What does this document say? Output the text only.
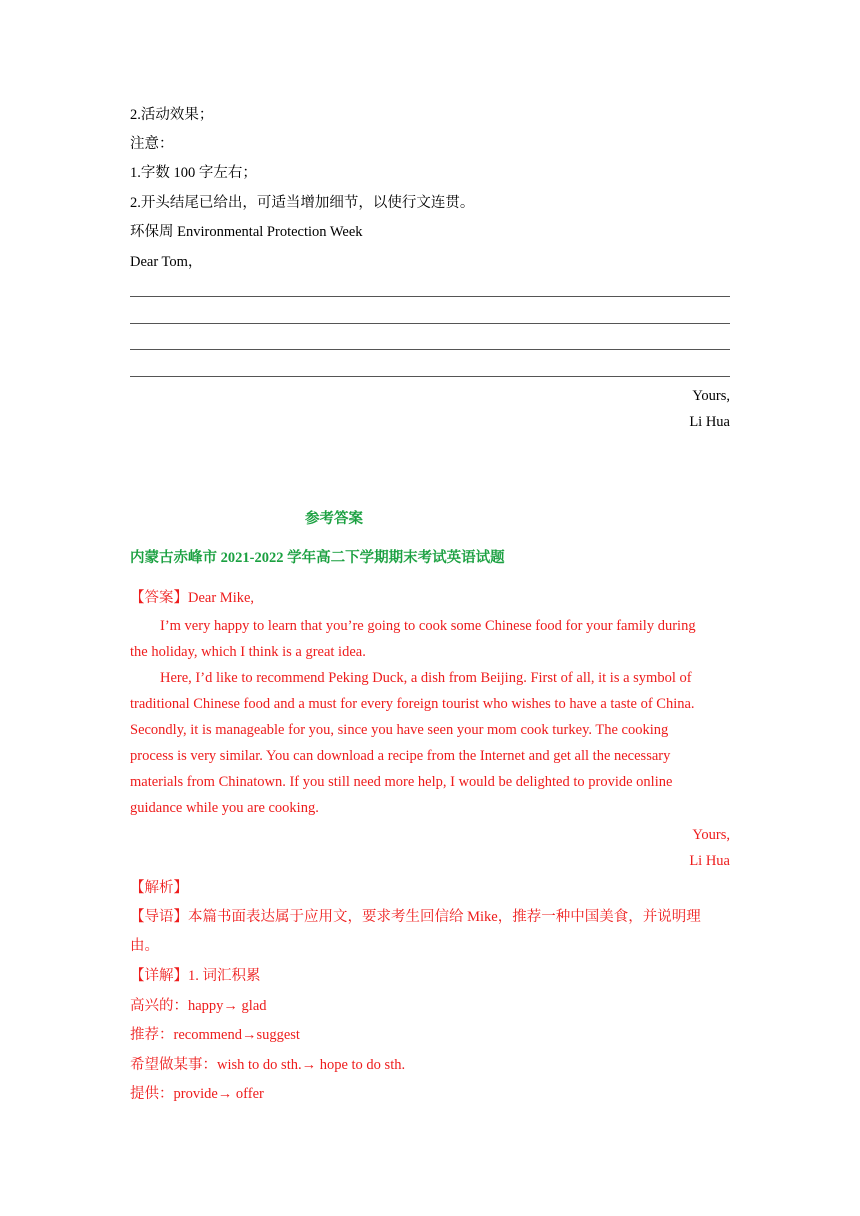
2.活动效果；
注意：
1.字数 100 字左右；
2.开头结尾已给出，可适当增加细节，以使行文连贯。
环保周 Environmental Protection Week
Dear Tom，
Yours,
Li Hua
参考答案
内蒙古赤峰市 2021-2022 学年高二下学期期末考试英语试题
【答案】Dear Mike,
I’m very happy to learn that you’re going to cook some Chinese food for your family during
the holiday, which I think is a great idea.
Here, I’d like to recommend Peking Duck, a dish from Beijing. First of all, it is a symbol of
traditional Chinese food and a must for every foreign tourist who wishes to have a taste of China.
Secondly, it is manageable for you, since you have seen your mom cook turkey. The cooking
process is very similar. You can download a recipe from the Internet and get all the necessary
materials from Chinatown. If you still need more help, I would be delighted to provide online
guidance while you are cooking.
Yours,
Li Hua
【解析】
【导语】本篇书面表达属于应用文，要求考生回信给 Mike，推荐一种中国美食，并说明理
由。
【详解】1. 词汇积累
高兴的：happy→ glad
推荐：recommend→suggest
希望做某事：wish to do sth.→ hope to do sth.
提供：provide→ offer
